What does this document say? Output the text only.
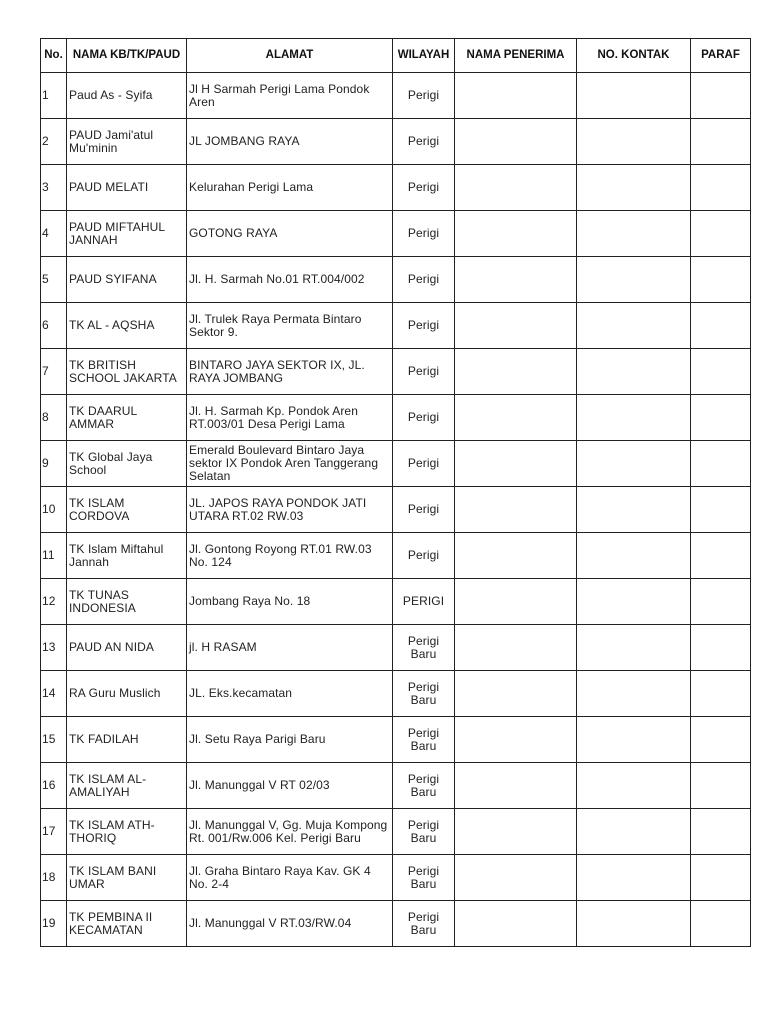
No.	NAMA KB/TK/PAUD	ALAMAT	WILAYAH	NAMA PENERIMA	NO. KONTAK	PARAF
1	Paud As - Syifa	Jl H Sarmah Perigi Lama Pondok Aren	Perigi			
2	PAUD Jami'atul Mu'minin	JL JOMBANG RAYA	Perigi			
3	PAUD MELATI	Kelurahan Perigi Lama	Perigi			
4	PAUD MIFTAHUL JANNAH	GOTONG RAYA	Perigi			
5	PAUD SYIFANA	Jl. H. Sarmah No.01 RT.004/002	Perigi			
6	TK AL - AQSHA	Jl. Trulek Raya Permata Bintaro Sektor 9.	Perigi			
7	TK BRITISH SCHOOL JAKARTA	BINTARO JAYA SEKTOR IX, JL. RAYA JOMBANG	Perigi			
8	TK DAARUL AMMAR	Jl. H. Sarmah Kp. Pondok Aren RT.003/01 Desa Perigi Lama	Perigi			
9	TK Global Jaya School	Emerald Boulevard Bintaro Jaya sektor IX Pondok Aren Tanggerang Selatan	Perigi			
10	TK ISLAM CORDOVA	JL. JAPOS RAYA PONDOK JATI UTARA RT.02 RW.03	Perigi			
11	TK Islam Miftahul Jannah	Jl. Gontong Royong RT.01 RW.03 No. 124	Perigi			
12	TK TUNAS INDONESIA	Jombang Raya No. 18	PERIGI			
13	PAUD AN NIDA	jl. H RASAM	Perigi Baru			
14	RA Guru Muslich	JL. Eks.kecamatan	Perigi Baru			
15	TK FADILAH	Jl. Setu Raya Parigi Baru	Perigi Baru			
16	TK ISLAM AL-AMALIYAH	Jl. Manunggal V RT 02/03	Perigi Baru			
17	TK ISLAM ATH-THORIQ	Jl. Manunggal V, Gg. Muja Kompong Rt. 001/Rw.006 Kel. Perigi Baru	Perigi Baru			
18	TK ISLAM BANI UMAR	Jl. Graha Bintaro Raya Kav. GK 4 No. 2-4	Perigi Baru			
19	TK PEMBINA II KECAMATAN	Jl. Manunggal V RT.03/RW.04	Perigi Baru			
